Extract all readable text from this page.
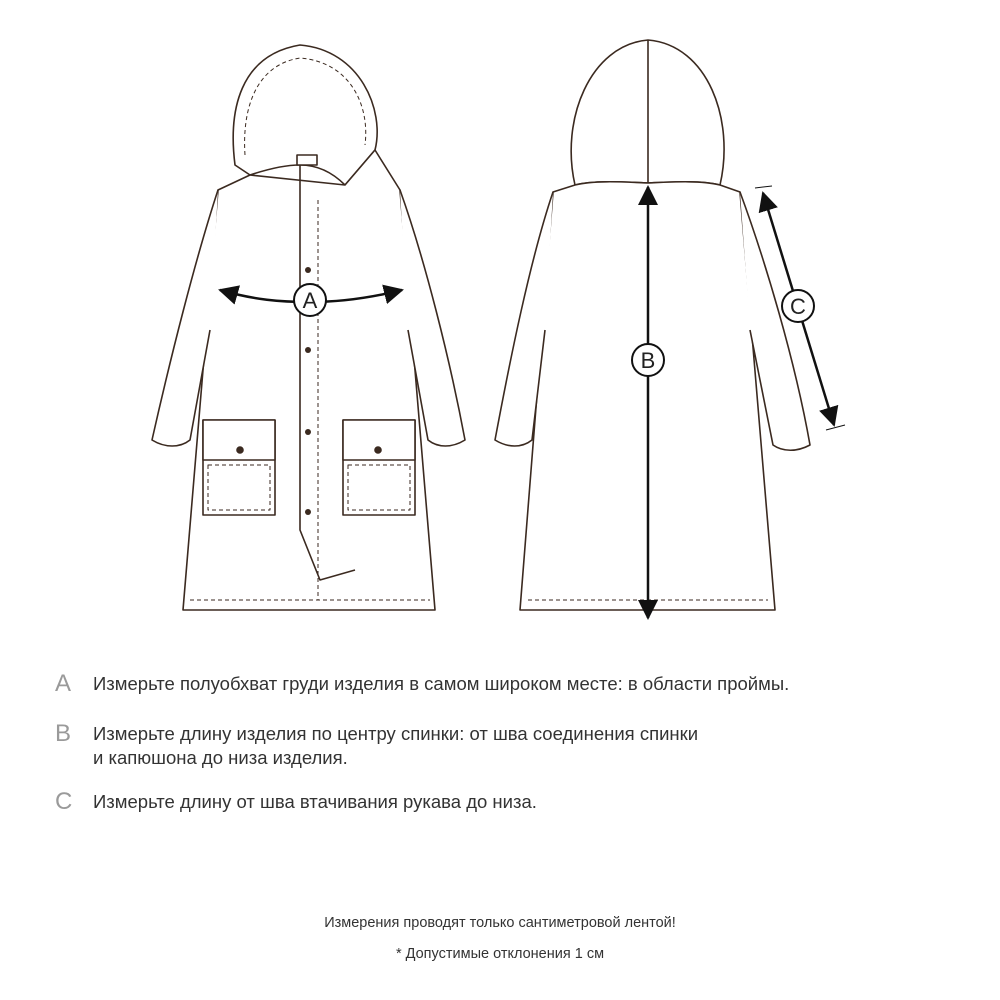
A
B
C
A	Измерьте полуобхват груди изделия в самом широком месте: в области проймы.
B	Измерьте длину изделия по центру спинки: от шва соединения спинки
и капюшона до низа изделия.
C	Измерьте длину от шва втачивания рукава до низа.
Измерения проводят только сантиметровой лентой!
* Допустимые отклонения 1 см
